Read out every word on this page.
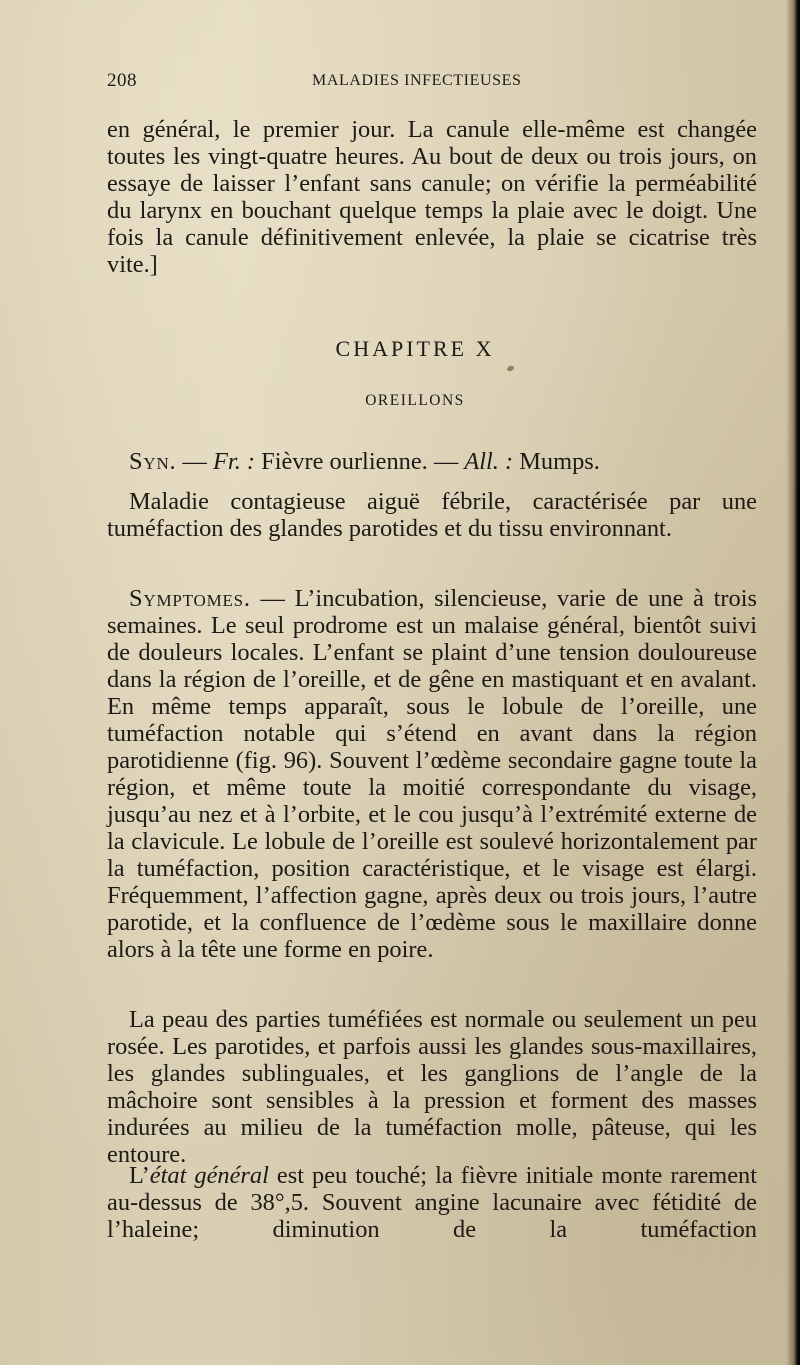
208	MALADIES INFECTIEUSES
en général, le premier jour. La canule elle-même est changée toutes les vingt-quatre heures. Au bout de deux ou trois jours, on essaye de laisser l’enfant sans canule; on vérifie la perméabilité du larynx en bouchant quelque temps la plaie avec le doigt. Une fois la canule définitivement enlevée, la plaie se cicatrise très vite.]
CHAPITRE X
OREILLONS
Syn. — Fr. : Fièvre ourlienne. — All. : Mumps.
Maladie contagieuse aiguë fébrile, caractérisée par une tuméfaction des glandes parotides et du tissu environnant.
Symptomes. — L’incubation, silencieuse, varie de une à trois semaines. Le seul prodrome est un malaise général, bientôt suivi de douleurs locales. L’enfant se plaint d’une tension douloureuse dans la région de l’oreille, et de gêne en mastiquant et en avalant. En même temps apparaît, sous le lobule de l’oreille, une tuméfaction notable qui s’étend en avant dans la région parotidienne (fig. 96). Souvent l’œdème secondaire gagne toute la région, et même toute la moitié correspondante du visage, jusqu’au nez et à l’orbite, et le cou jusqu’à l’extrémité externe de la clavicule. Le lobule de l’oreille est soulevé horizontalement par la tuméfaction, position caractéristique, et le visage est élargi. Fréquemment, l’affection gagne, après deux ou trois jours, l’autre parotide, et la confluence de l’œdème sous le maxillaire donne alors à la tête une forme en poire.
La peau des parties tuméfiées est normale ou seulement un peu rosée. Les parotides, et parfois aussi les glandes sous-maxillaires, les glandes sublinguales, et les ganglions de l’angle de la mâchoire sont sensibles à la pression et forment des masses indurées au milieu de la tuméfaction molle, pâteuse, qui les entoure.
L’état général est peu touché; la fièvre initiale monte rarement au-dessus de 38°,5. Souvent angine lacunaire avec fétidité de l’haleine; diminution de la tuméfaction
